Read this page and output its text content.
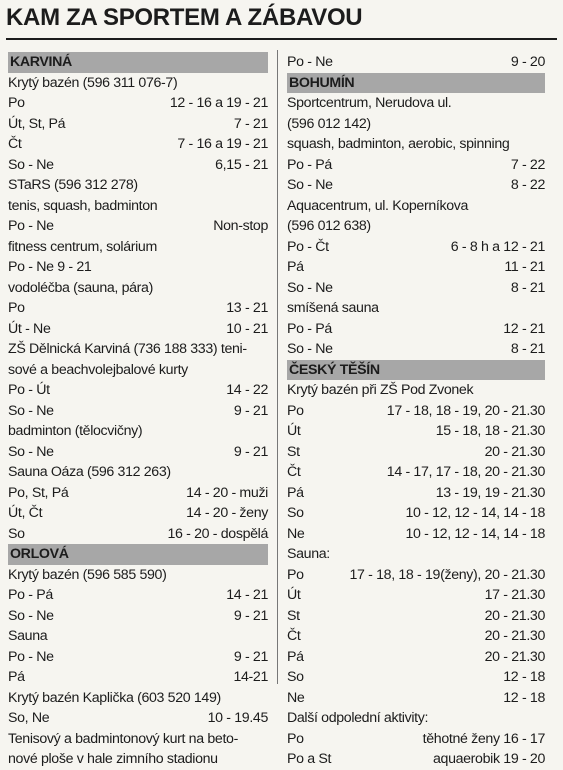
KAM ZA SPORTEM A ZÁBAVOU
KARVINÁ
Krytý bazén (596 311 076-7)
Po	12 - 16 a 19 - 21
Út, St, Pá	7 - 21
Čt	7 - 16 a 19 - 21
So - Ne	6,15 - 21
STaRS (596 312 278)
tenis, squash, badminton
Po - Ne	Non-stop
fitness centrum, solárium
Po - Ne 9 - 21
vodoléčba (sauna, pára)
Po	13 - 21
Út - Ne	10 - 21
ZŠ Dělnická Karviná (736 188 333) teni-
sové a beachvolejbalové kurty
Po - Út	14 - 22
So - Ne	9 - 21
badminton (tělocvičny)
So - Ne	9 - 21
Sauna Oáza (596 312 263)
Po, St, Pá	14 - 20 - muži
Út, Čt	14 - 20 - ženy
So	16 - 20 - dospělá
ORLOVÁ
Krytý bazén (596 585 590)
Po - Pá	14 - 21
So - Ne	9 - 21
Sauna
Po - Ne	9 - 21
Pá	14-21
Krytý bazén Kaplička (603 520 149)
So, Ne	10 - 19.45
Tenisový a badmintonový kurt na beto-
nové ploše v hale zimního stadionu
Po - Ne	9 - 20
BOHUMÍN
Sportcentrum, Nerudova ul.
(596 012 142)
squash, badminton, aerobic, spinning
Po - Pá	7 - 22
So - Ne	8 - 22
Aquacentrum, ul. Koperníkova
(596 012 638)
Po - Čt	6 - 8 h a 12 - 21
Pá	11 - 21
So - Ne	8 - 21
smíšená sauna
Po - Pá	12 - 21
So - Ne	8 - 21
ČESKÝ TĚŠÍN
Krytý bazén při ZŠ Pod Zvonek
Po	17 - 18, 18 - 19, 20 - 21.30
Út	15 - 18, 18 - 21.30
St	20 - 21.30
Čt	14 - 17, 17 - 18, 20 - 21.30
Pá	13 - 19, 19 - 21.30
So	10 - 12, 12 - 14, 14 - 18
Ne	10 - 12, 12 - 14, 14 - 18
Sauna:
Po	17 - 18, 18 - 19(ženy), 20 - 21.30
Út	17 - 21.30
St	20 - 21.30
Čt	20 - 21.30
Pá	20 - 21.30
So	12 - 18
Ne	12 - 18
Další odpolední aktivity:
Po	těhotné ženy 16 - 17
Po a St	aquaerobik 19 - 20
